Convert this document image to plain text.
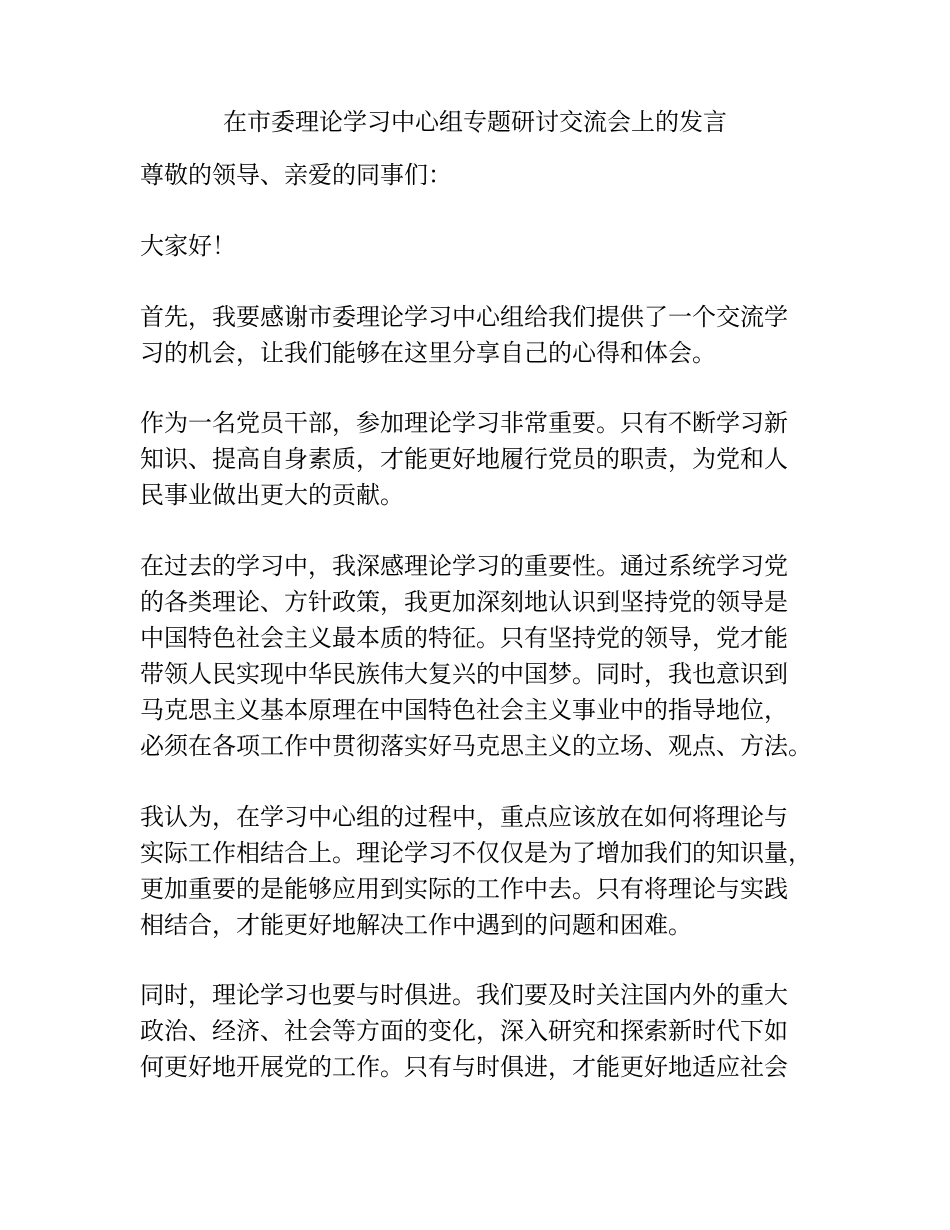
在市委理论学习中心组专题研讨交流会上的发言
尊敬的领导、亲爱的同事们：
大家好！
首先，我要感谢市委理论学习中心组给我们提供了一个交流学
习的机会，让我们能够在这里分享自己的心得和体会。
作为一名党员干部，参加理论学习非常重要。只有不断学习新
知识、提高自身素质，才能更好地履行党员的职责，为党和人
民事业做出更大的贡献。
在过去的学习中，我深感理论学习的重要性。通过系统学习党
的各类理论、方针政策，我更加深刻地认识到坚持党的领导是
中国特色社会主义最本质的特征。只有坚持党的领导，党才能
带领人民实现中华民族伟大复兴的中国梦。同时，我也意识到
马克思主义基本原理在中国特色社会主义事业中的指导地位，
必须在各项工作中贯彻落实好马克思主义的立场、观点、方法。
我认为，在学习中心组的过程中，重点应该放在如何将理论与
实际工作相结合上。理论学习不仅仅是为了增加我们的知识量，
更加重要的是能够应用到实际的工作中去。只有将理论与实践
相结合，才能更好地解决工作中遇到的问题和困难。
同时，理论学习也要与时俱进。我们要及时关注国内外的重大
政治、经济、社会等方面的变化，深入研究和探索新时代下如
何更好地开展党的工作。只有与时俱进，才能更好地适应社会
